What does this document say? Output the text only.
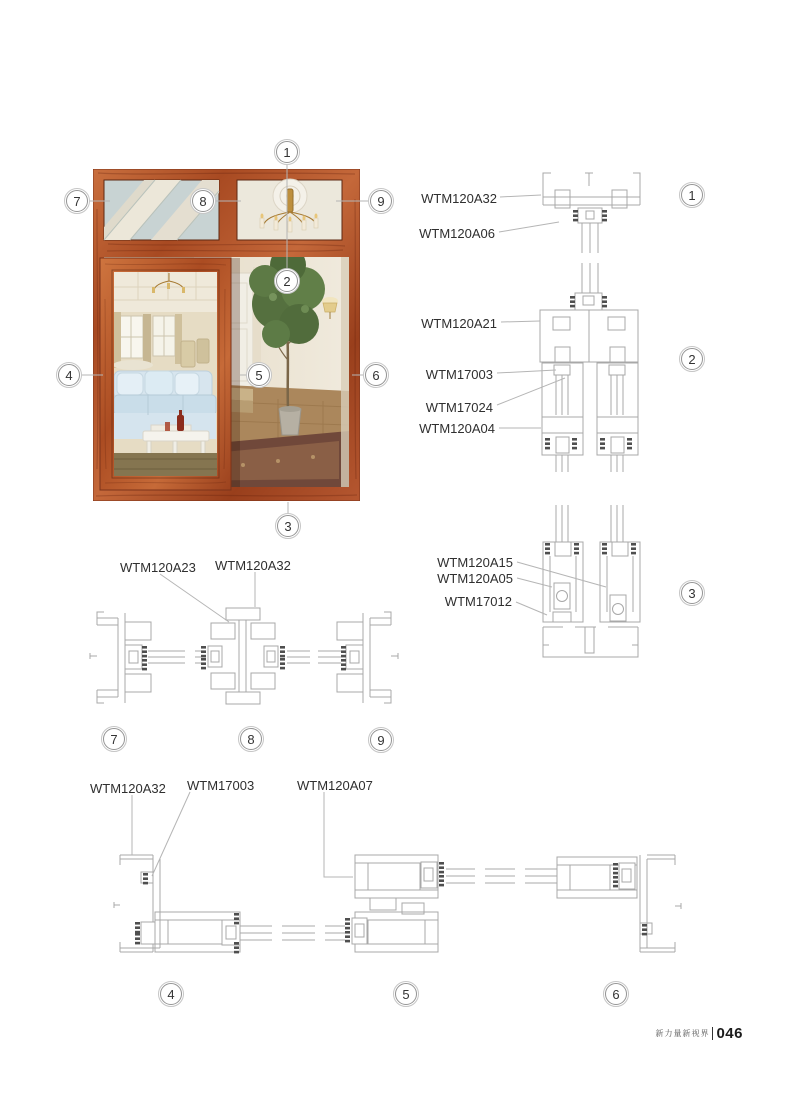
1
2
3
4	5	6
7	8	9	1
2
3
7	8	9
4	5	6
WTM120A32
WTM120A06
WTM120A21
WTM17003
WTM17024
WTM120A04
WTM120A15
WTM120A05
WTM17012
WTM120A23 WTM120A32
WTM120A32 WTM17003	WTM120A07
新力量新视界 046
